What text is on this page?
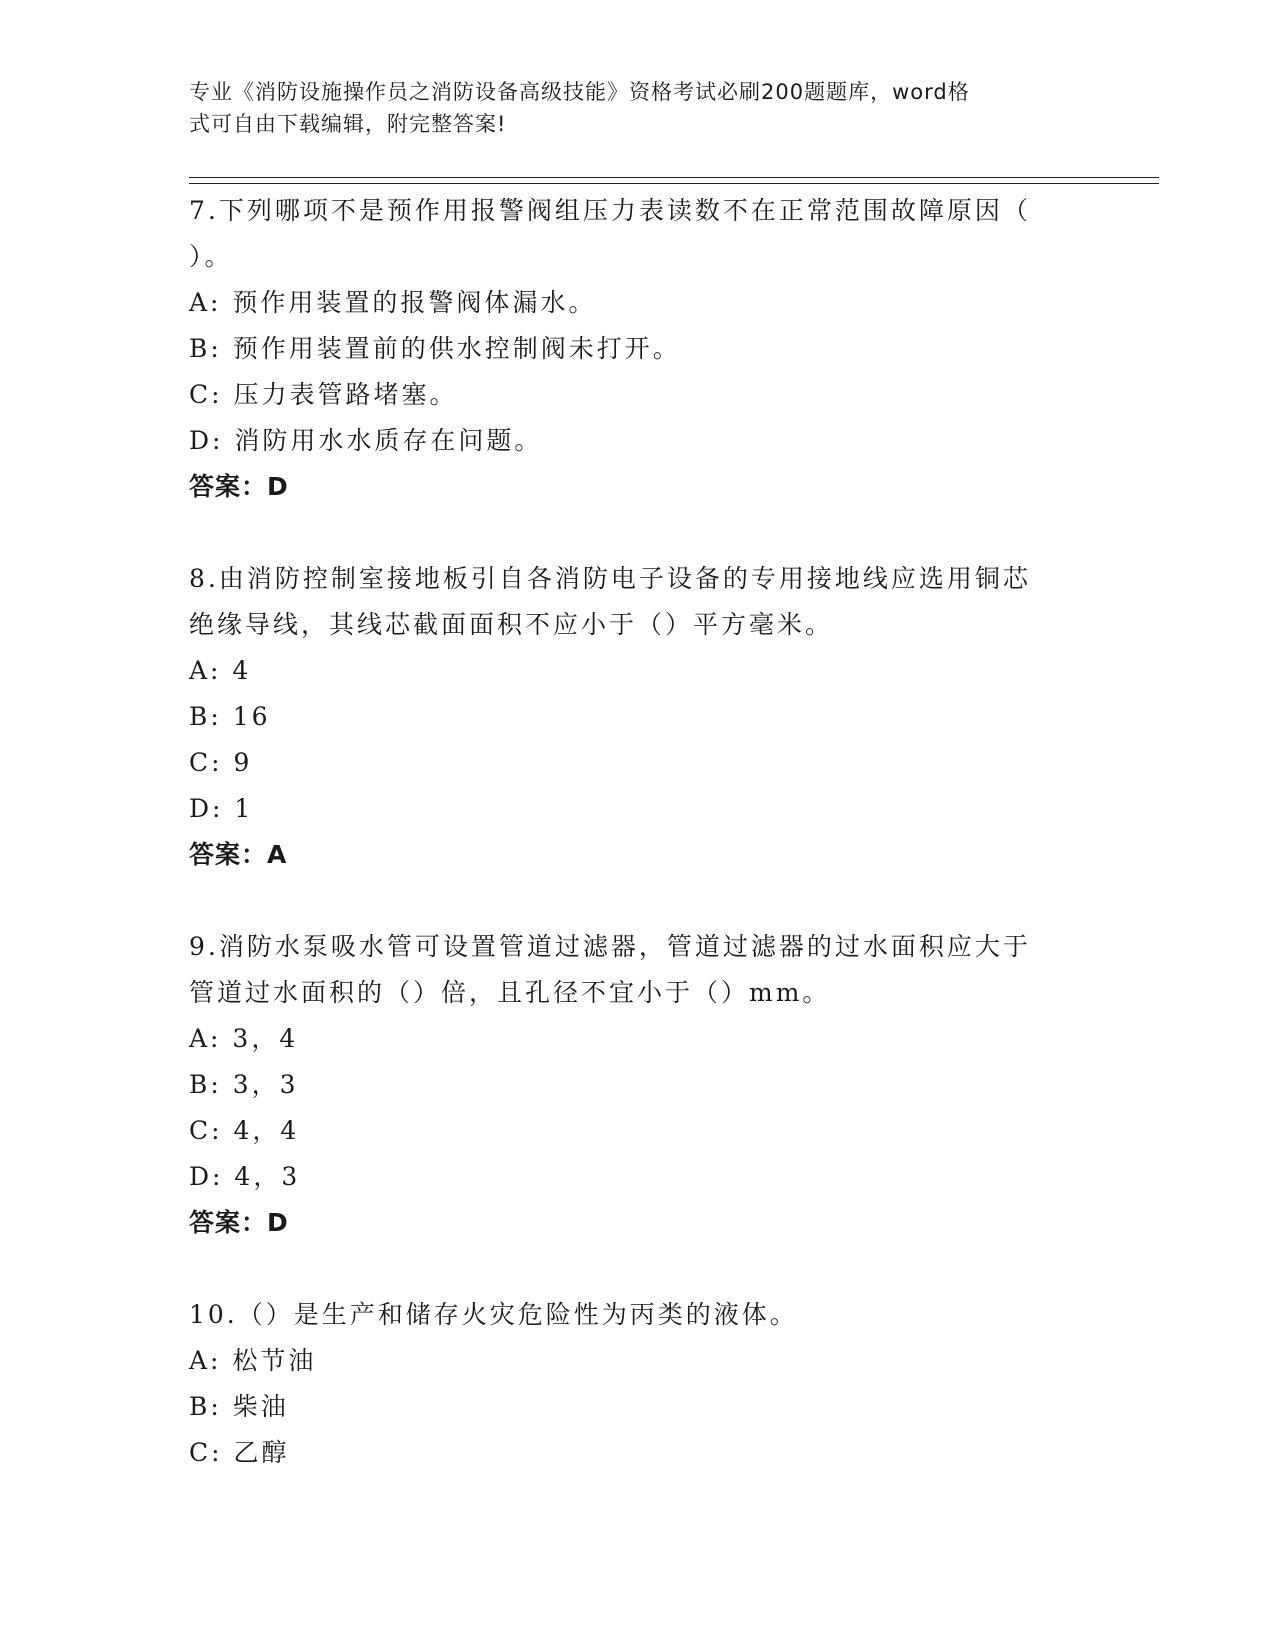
专业《消防设施操作员之消防设备高级技能》资格考试必刷200题题库，word格

式可自由下载编辑，附完整答案!

7.下列哪项不是预作用报警阀组压力表读数不在正常范围故障原因（

）。

A: 预作用装置的报警阀体漏水。

B: 预作用装置前的供水控制阀未打开。

C: 压力表管路堵塞。

D: 消防用水水质存在问题。

答案：D

8.由消防控制室接地板引自各消防电子设备的专用接地线应选用铜芯

绝缘导线，其线芯截面面积不应小于（）平方毫米。

A: 4

B: 16

C: 9

D: 1

答案：A

9.消防水泵吸水管可设置管道过滤器，管道过滤器的过水面积应大于

管道过水面积的（）倍，且孔径不宜小于（）mm。

A: 3，4

B: 3，3

C: 4，4

D: 4，3

答案：D

10.（）是生产和储存火灾危险性为丙类的液体。

A: 松节油

B: 柴油

C: 乙醇
